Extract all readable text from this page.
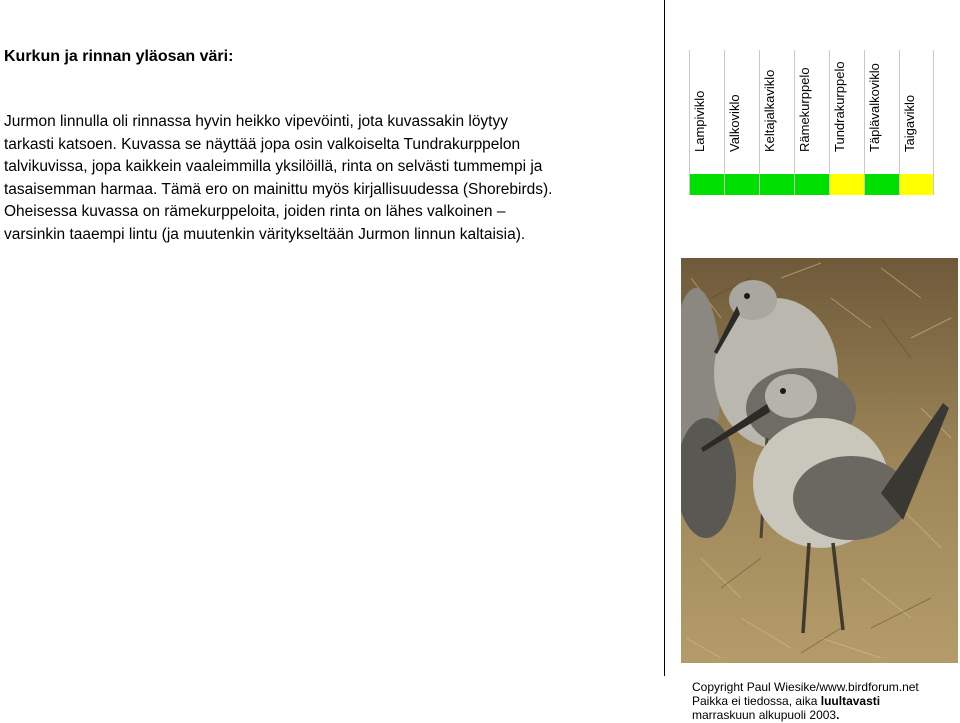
Kurkun ja rinnan yläosan väri:

Jurmon linnulla oli rinnassa hyvin heikko vipevöinti, jota kuvassakin löytyy
tarkasti katsoen. Kuvassa se näyttää jopa osin valkoiselta Tundrakurppelon
talvikuvissa, jopa kaikkein vaaleimmilla yksilöillä, rinta on selvästi tummempi ja
tasaisemman harmaa. Tämä ero on mainittu myös kirjallisuudessa (Shorebirds).
Oheisessa kuvassa on rämekurppeloita, joiden rinta on lähes valkoinen –
varsinkin taaempi lintu (ja muutenkin väritykseltään Jurmon linnun kaltaisia).

Lampiviklo Valkoviklo Keltajalkaviklo Rämekurppelo Tundrakurppelo Täplävalkoviklo Taigaviklo
Copyright Paul Wiesike/www.birdforum.net
Paikka ei tiedossa, aika luultavasti
marraskuun alkupuoli 2003.
